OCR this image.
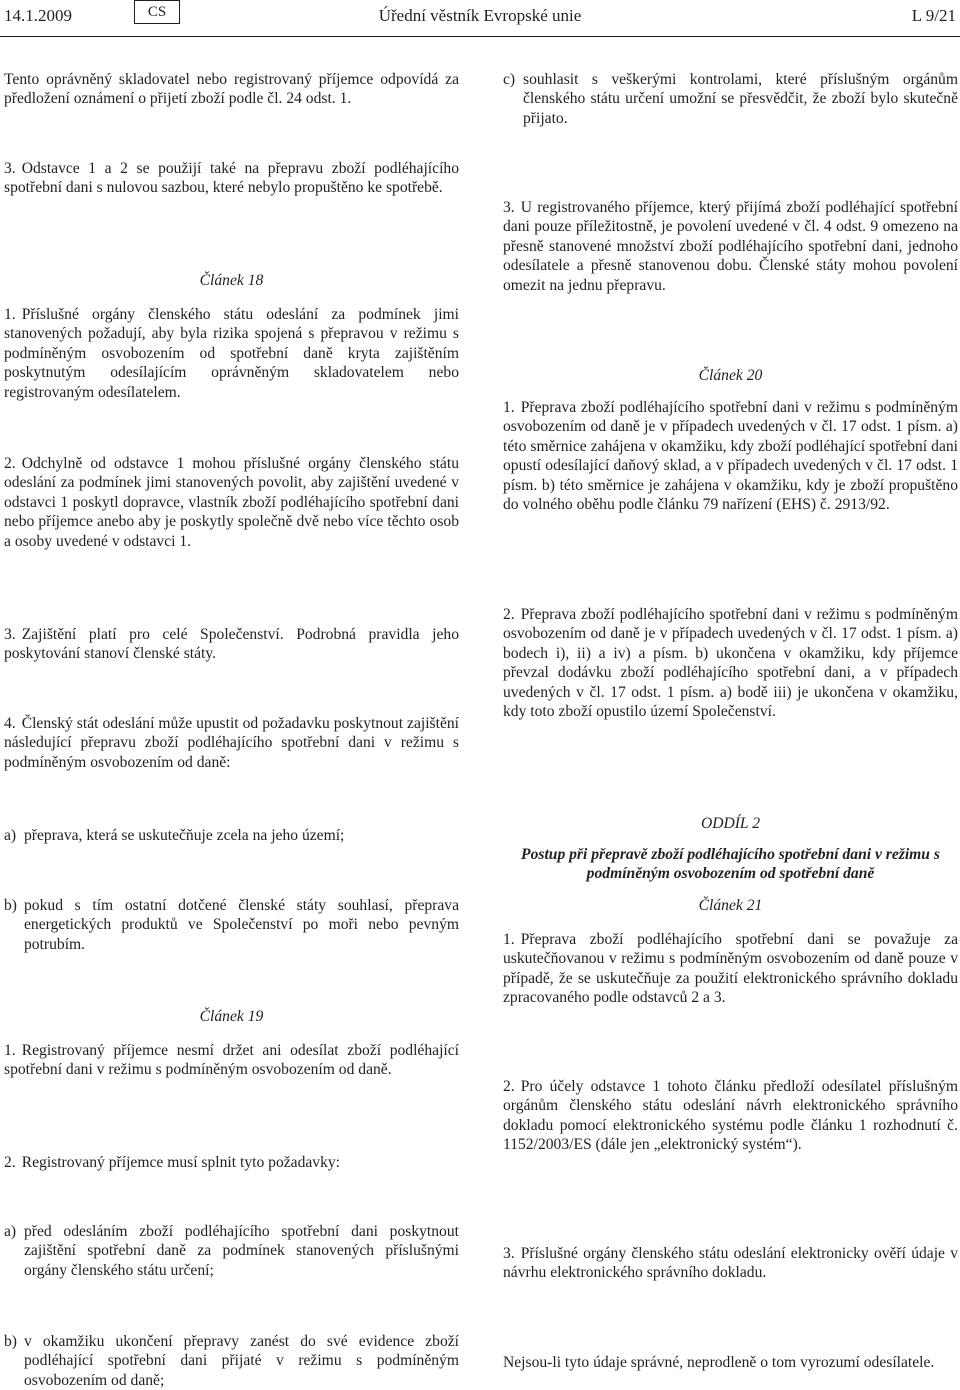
14.1.2009	CS	Úřední věstník Evropské unie	L 9/21

Tento oprávněný skladovatel nebo registrovaný příjemce odpovídá za předložení oznámení o přijetí zboží podle čl. 24 odst. 1.

3. Odstavce 1 a 2 se použijí také na přepravu zboží podléhajícího spotřební dani s nulovou sazbou, které nebylo propuštěno ke spotřebě.

Článek 18

1. Příslušné orgány členského státu odeslání za podmínek jimi stanovených požadují, aby byla rizika spojená s přepravou v režimu s podmíněným osvobozením od spotřební daně kryta zajištěním poskytnutým odesílajícím oprávněným skladovatelem nebo registrovaným odesílatelem.

2. Odchylně od odstavce 1 mohou příslušné orgány členského státu odeslání za podmínek jimi stanovených povolit, aby zajištění uvedené v odstavci 1 poskytl dopravce, vlastník zboží podléhajícího spotřební dani nebo příjemce anebo aby je poskytly společně dvě nebo více těchto osob a osoby uvedené v odstavci 1.

3. Zajištění platí pro celé Společenství. Podrobná pravidla jeho poskytování stanoví členské státy.

4. Členský stát odeslání může upustit od požadavku poskytnout zajištění následující přepravu zboží podléhajícího spotřební dani v režimu s podmíněným osvobozením od daně:

a) přeprava, která se uskutečňuje zcela na jeho území;
b) pokud s tím ostatní dotčené členské státy souhlasí, přeprava energetických produktů ve Společenství po moři nebo pevným potrubím.

Článek 19

1. Registrovaný příjemce nesmí držet ani odesílat zboží podléhající spotřební dani v režimu s podmíněným osvobozením od daně.

2. Registrovaný příjemce musí splnit tyto požadavky:

a) před odesláním zboží podléhajícího spotřební dani poskytnout zajištění spotřební daně za podmínek stanovených příslušnými orgány členského státu určení;
b) v okamžiku ukončení přepravy zanést do své evidence zboží podléhající spotřební dani přijaté v režimu s podmíněným osvobozením od daně;
c) souhlasit s veškerými kontrolami, které příslušným orgánům členského státu určení umožní se přesvědčit, že zboží bylo skutečně přijato.

3. U registrovaného příjemce, který přijímá zboží podléhající spotřební dani pouze příležitostně, je povolení uvedené v čl. 4 odst. 9 omezeno na přesně stanovené množství zboží podléhajícího spotřební dani, jednoho odesílatele a přesně stanovenou dobu. Členské státy mohou povolení omezit na jednu přepravu.

Článek 20

1. Přeprava zboží podléhajícího spotřební dani v režimu s podmíněným osvobozením od daně je v případech uvedených v čl. 17 odst. 1 písm. a) této směrnice zahájena v okamžiku, kdy zboží podléhající spotřební dani opustí odesílající daňový sklad, a v případech uvedených v čl. 17 odst. 1 písm. b) této směrnice je zahájena v okamžiku, kdy je zboží propuštěno do volného oběhu podle článku 79 nařízení (EHS) č. 2913/92.

2. Přeprava zboží podléhajícího spotřební dani v režimu s podmíněným osvobozením od daně je v případech uvedených v čl. 17 odst. 1 písm. a) bodech i), ii) a iv) a písm. b) ukončena v okamžiku, kdy příjemce převzal dodávku zboží podléhajícího spotřební dani, a v případech uvedených v čl. 17 odst. 1 písm. a) bodě iii) je ukončena v okamžiku, kdy toto zboží opustilo území Společenství.

ODDÍL 2

Postup při přepravě zboží podléhajícího spotřební dani v režimu s podmíněným osvobozením od spotřební daně

Článek 21

1. Přeprava zboží podléhajícího spotřební dani se považuje za uskutečňovanou v režimu s podmíněným osvobozením od daně pouze v případě, že se uskutečňuje za použití elektronického správního dokladu zpracovaného podle odstavců 2 a 3.

2. Pro účely odstavce 1 tohoto článku předloží odesílatel příslušným orgánům členského státu odeslání návrh elektronického správního dokladu pomocí elektronického systému podle článku 1 rozhodnutí č. 1152/2003/ES (dále jen „elektronický systém“).

3. Příslušné orgány členského státu odeslání elektronicky ověří údaje v návrhu elektronického správního dokladu.

Nejsou-li tyto údaje správné, neprodleně o tom vyrozumí odesílatele.
